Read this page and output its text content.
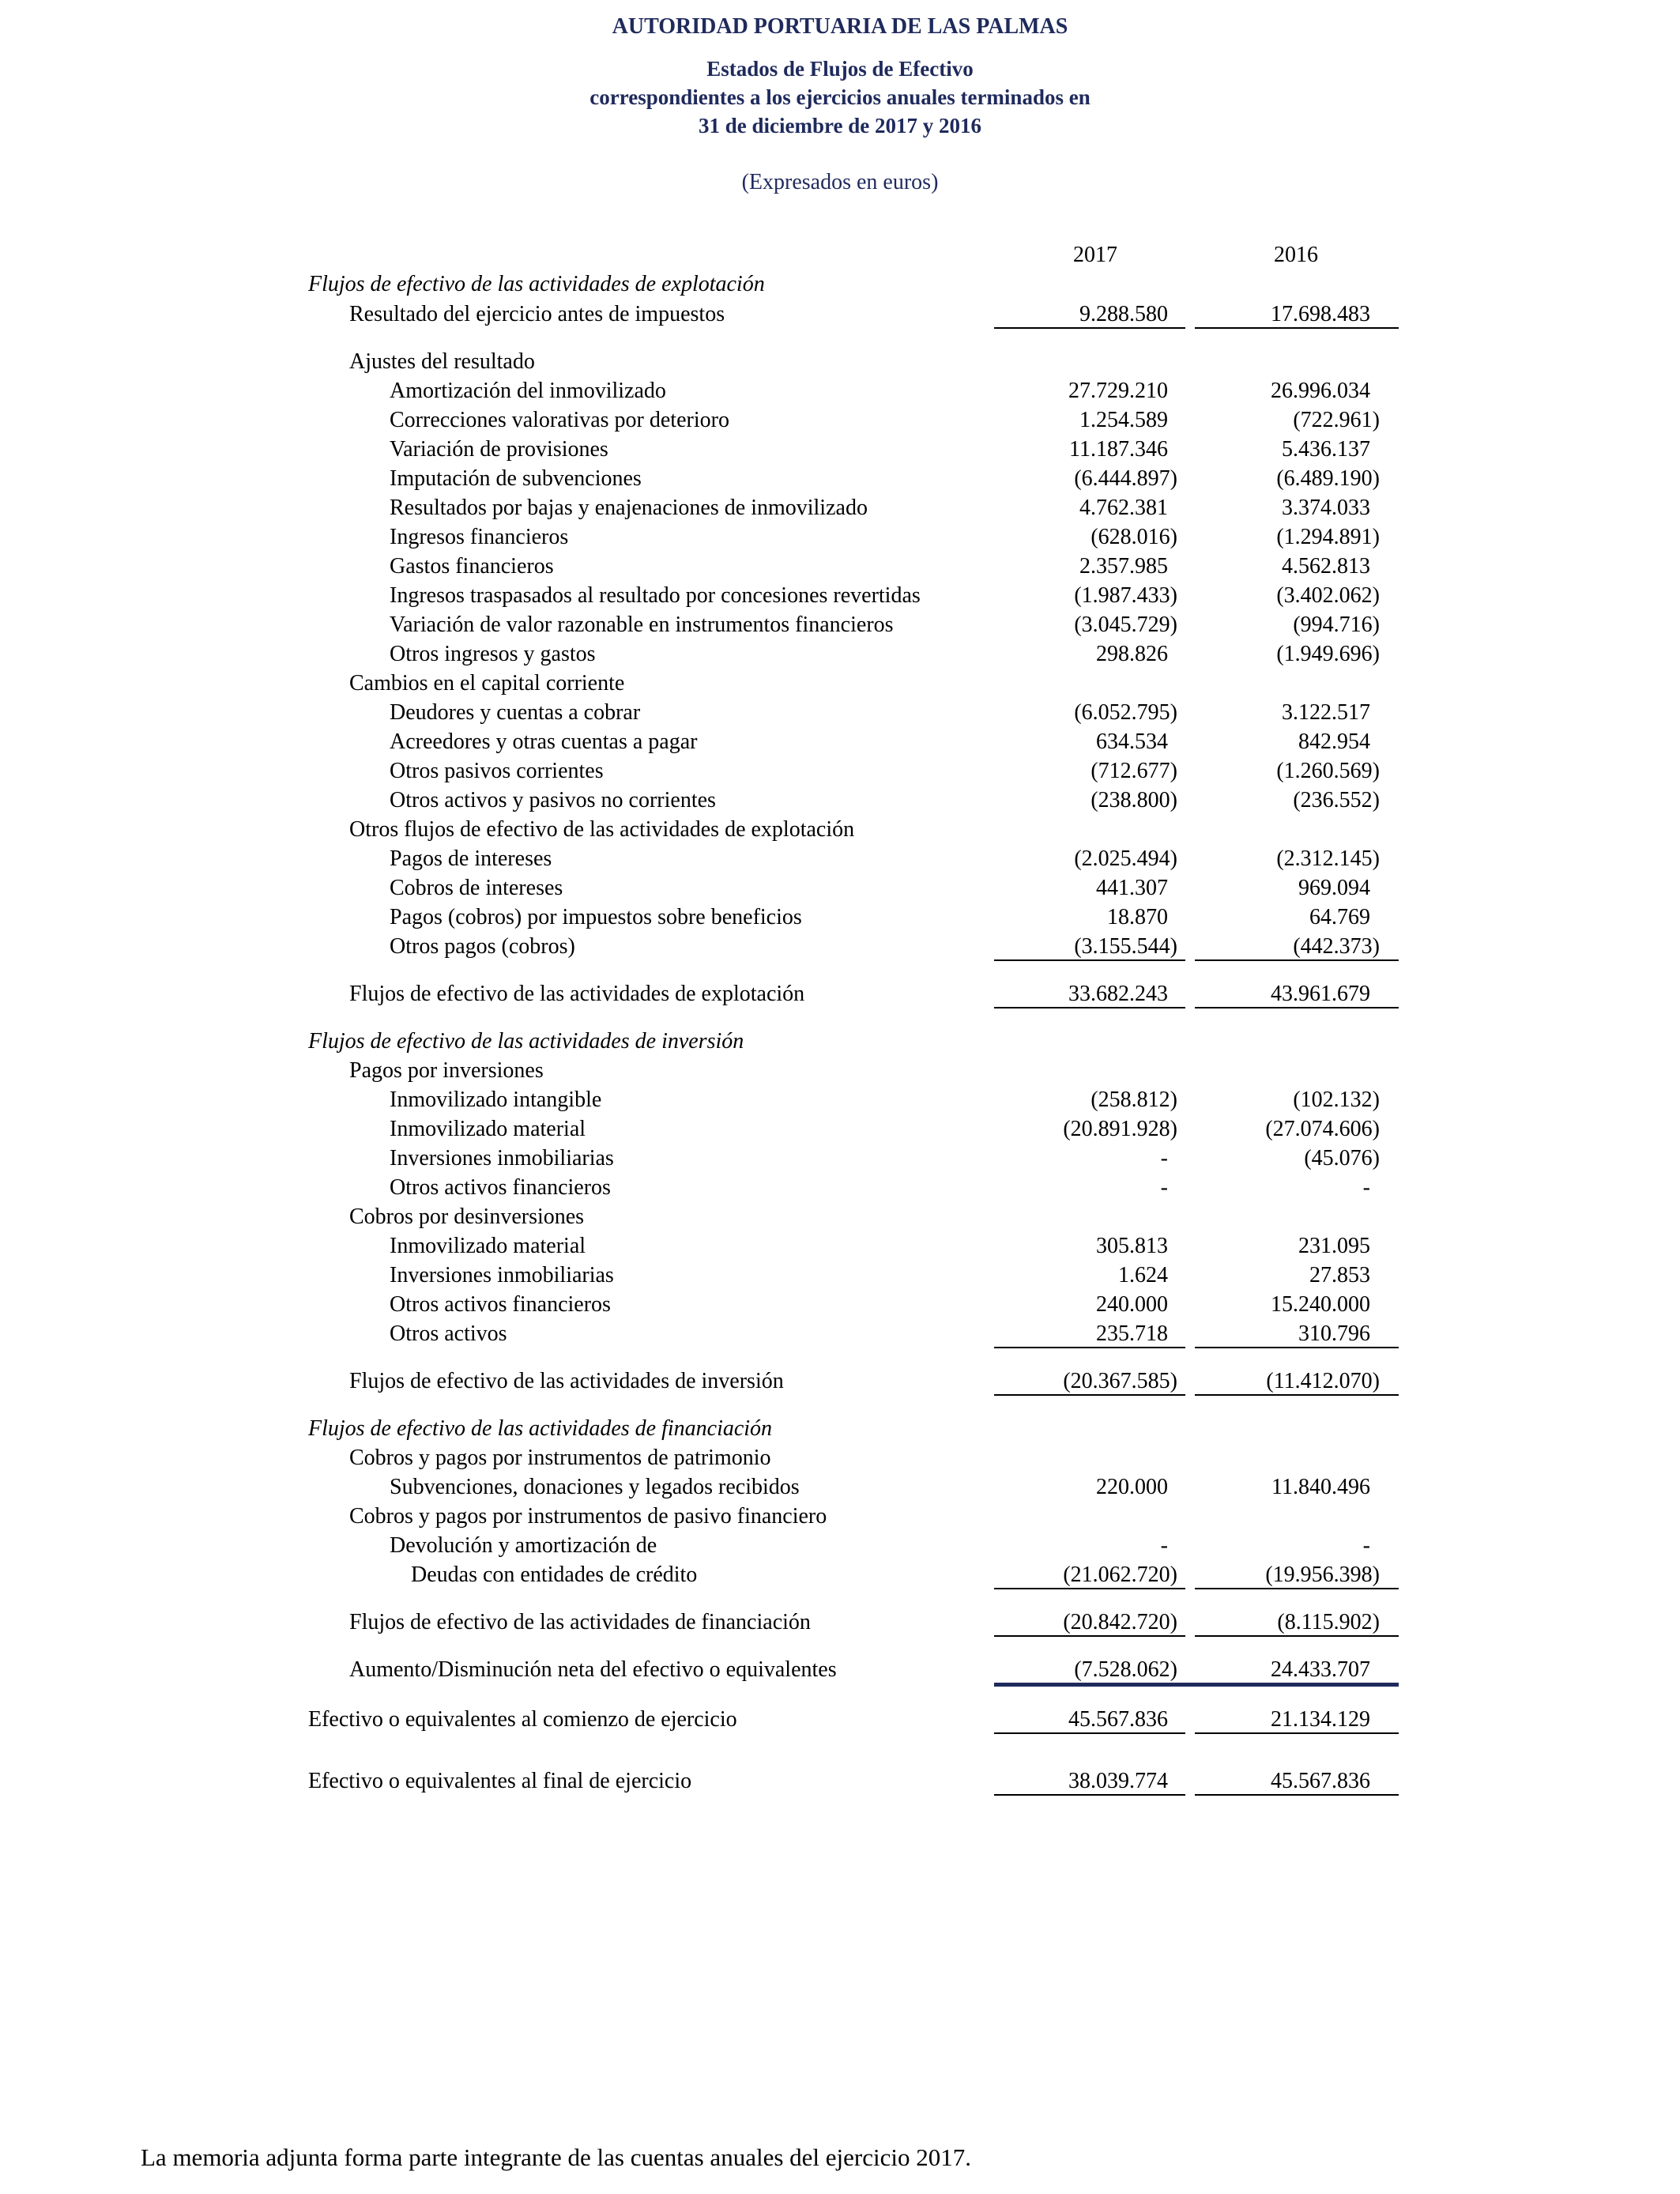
AUTORIDAD PORTUARIA DE LAS PALMAS
Estados de Flujos de Efectivo
correspondientes a los ejercicios anuales terminados en
31 de diciembre de 2017 y 2016
(Expresados en euros)
2017	2016
Flujos de efectivo de las actividades de explotación
Resultado del ejercicio antes de impuestos	9.288.580	17.698.483
Ajustes del resultado
Amortización del inmovilizado	27.729.210	26.996.034
Correcciones valorativas por deterioro	1.254.589	(722.961)
Variación de provisiones	11.187.346	5.436.137
Imputación de subvenciones	(6.444.897)	(6.489.190)
Resultados por bajas y enajenaciones de inmovilizado	4.762.381	3.374.033
Ingresos financieros	(628.016)	(1.294.891)
Gastos financieros	2.357.985	4.562.813
Ingresos traspasados al resultado por concesiones revertidas	(1.987.433)	(3.402.062)
Variación de valor razonable en instrumentos financieros	(3.045.729)	(994.716)
Otros ingresos y gastos	298.826	(1.949.696)
Cambios en el capital corriente
Deudores y cuentas a cobrar	(6.052.795)	3.122.517
Acreedores y otras cuentas a pagar	634.534	842.954
Otros pasivos corrientes	(712.677)	(1.260.569)
Otros activos y pasivos no corrientes	(238.800)	(236.552)
Otros flujos de efectivo de las actividades de explotación
Pagos de intereses	(2.025.494)	(2.312.145)
Cobros de intereses	441.307	969.094
Pagos (cobros) por impuestos sobre beneficios	18.870	64.769
Otros pagos (cobros)	(3.155.544)	(442.373)
Flujos de efectivo de las actividades de explotación	33.682.243	43.961.679
Flujos de efectivo de las actividades de inversión
Pagos por inversiones
Inmovilizado intangible	(258.812)	(102.132)
Inmovilizado material	(20.891.928)	(27.074.606)
Inversiones inmobiliarias	-	(45.076)
Otros activos financieros	-	-
Cobros por desinversiones
Inmovilizado material	305.813	231.095
Inversiones inmobiliarias	1.624	27.853
Otros activos financieros	240.000	15.240.000
Otros activos	235.718	310.796
Flujos de efectivo de las actividades de inversión	(20.367.585)	(11.412.070)
Flujos de efectivo de las actividades de financiación
Cobros y pagos por instrumentos de patrimonio
Subvenciones, donaciones y legados recibidos	220.000	11.840.496
Cobros y pagos por instrumentos de pasivo financiero
Devolución y amortización de	-	-
Deudas con entidades de crédito	(21.062.720)	(19.956.398)
Flujos de efectivo de las actividades de financiación	(20.842.720)	(8.115.902)
Aumento/Disminución neta del efectivo o equivalentes	(7.528.062)	24.433.707
Efectivo o equivalentes al comienzo de ejercicio	45.567.836	21.134.129
Efectivo o equivalentes al final de ejercicio	38.039.774	45.567.836
La memoria adjunta forma parte integrante de las cuentas anuales del ejercicio 2017.
